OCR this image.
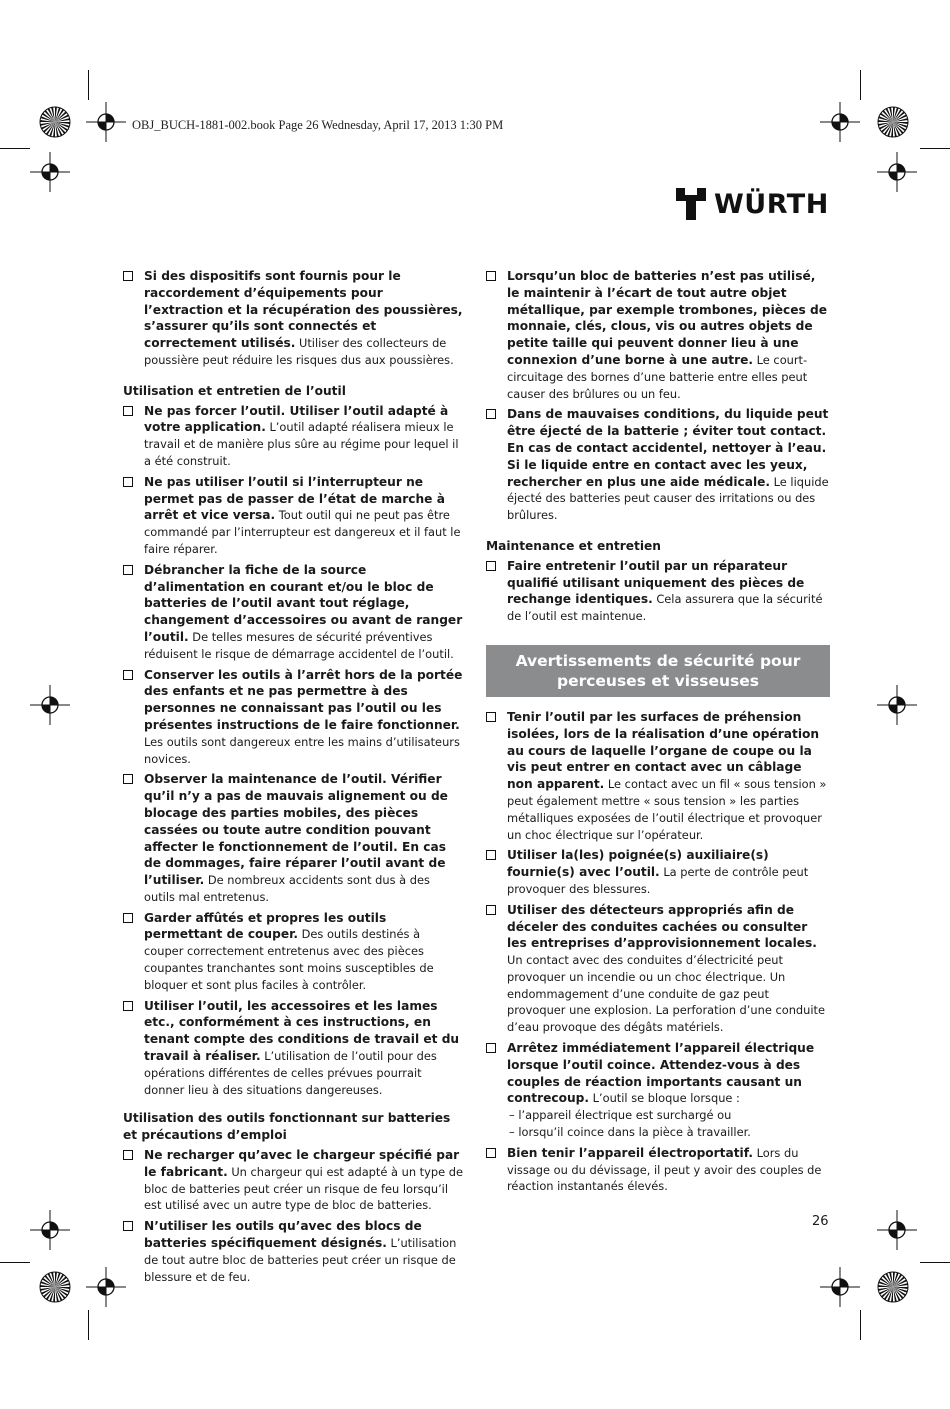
OBJ_BUCH-1881-002.book Page 26 Wednesday, April 17, 2013 1:30 PM
WÜRTH
Si des dispositifs sont fournis pour le raccordement d’équipements pour l’extraction et la récupération des poussières, s’assurer qu’ils sont connectés et correctement utilisés. Utiliser des collecteurs de poussière peut réduire les risques dus aux poussières.
Utilisation et entretien de l’outil
Ne pas forcer l’outil. Utiliser l’outil adapté à votre application. L’outil adapté réalisera mieux le travail et de manière plus sûre au régime pour lequel il a été construit.
Ne pas utiliser l’outil si l’interrupteur ne permet pas de passer de l’état de marche à arrêt et vice versa. Tout outil qui ne peut pas être commandé par l’interrupteur est dangereux et il faut le faire réparer.
Débrancher la fiche de la source d’alimentation en courant et/ou le bloc de batteries de l’outil avant tout réglage, changement d’accessoires ou avant de ranger l’outil. De telles mesures de sécurité préventives réduisent le risque de démarrage accidentel de l’outil.
Conserver les outils à l’arrêt hors de la portée des enfants et ne pas permettre à des personnes ne connaissant pas l’outil ou les présentes instructions de le faire fonctionner. Les outils sont dangereux entre les mains d’utilisateurs novices.
Observer la maintenance de l’outil. Vérifier qu’il n’y a pas de mauvais alignement ou de blocage des parties mobiles, des pièces cassées ou toute autre condition pouvant affecter le fonctionnement de l’outil. En cas de dommages, faire réparer l’outil avant de l’utiliser. De nombreux accidents sont dus à des outils mal entretenus.
Garder affûtés et propres les outils permettant de couper. Des outils destinés à couper correctement entretenus avec des pièces coupantes tranchantes sont moins susceptibles de bloquer et sont plus faciles à contrôler.
Utiliser l’outil, les accessoires et les lames etc., conformément à ces instructions, en tenant compte des conditions de travail et du travail à réaliser. L’utilisation de l’outil pour des opérations différentes de celles prévues pourrait donner lieu à des situations dangereuses.
Utilisation des outils fonctionnant sur batteries et précautions d’emploi
Ne recharger qu’avec le chargeur spécifié par le fabricant. Un chargeur qui est adapté à un type de bloc de batteries peut créer un risque de feu lorsqu’il est utilisé avec un autre type de bloc de batteries.
N’utiliser les outils qu’avec des blocs de batteries spécifiquement désignés. L’utilisation de tout autre bloc de batteries peut créer un risque de blessure et de feu.
Lorsqu’un bloc de batteries n’est pas utilisé, le maintenir à l’écart de tout autre objet métallique, par exemple trombones, pièces de monnaie, clés, clous, vis ou autres objets de petite taille qui peuvent donner lieu à une connexion d’une borne à une autre. Le court-circuitage des bornes d’une batterie entre elles peut causer des brûlures ou un feu.
Dans de mauvaises conditions, du liquide peut être éjecté de la batterie ; éviter tout contact. En cas de contact accidentel, nettoyer à l’eau. Si le liquide entre en contact avec les yeux, rechercher en plus une aide médicale. Le liquide éjecté des batteries peut causer des irritations ou des brûlures.
Maintenance et entretien
Faire entretenir l’outil par un réparateur qualifié utilisant uniquement des pièces de rechange identiques. Cela assurera que la sécurité de l’outil est maintenue.
Avertissements de sécurité pour perceuses et visseuses
Tenir l’outil par les surfaces de préhension isolées, lors de la réalisation d’une opération au cours de laquelle l’organe de coupe ou la vis peut entrer en contact avec un câblage non apparent. Le contact avec un fil « sous tension » peut également mettre « sous tension » les parties métalliques exposées de l’outil électrique et provoquer un choc électrique sur l’opérateur.
Utiliser la(les) poignée(s) auxiliaire(s) fournie(s) avec l’outil. La perte de contrôle peut provoquer des blessures.
Utiliser des détecteurs appropriés afin de déceler des conduites cachées ou consulter les entreprises d’approvisionnement locales. Un contact avec des conduites d’électricité peut provoquer un incendie ou un choc électrique. Un endommagement d’une conduite de gaz peut provoquer une explosion. La perforation d’une conduite d’eau provoque des dégâts matériels.
Arrêtez immédiatement l’appareil électrique lorsque l’outil coince. Attendez-vous à des couples de réaction importants causant un contrecoup. L’outil se bloque lorsque :
– l’appareil électrique est surchargé ou
– lorsqu’il coince dans la pièce à travailler.
Bien tenir l’appareil électroportatif. Lors du vissage ou du dévissage, il peut y avoir des couples de réaction instantanés élevés.
26
